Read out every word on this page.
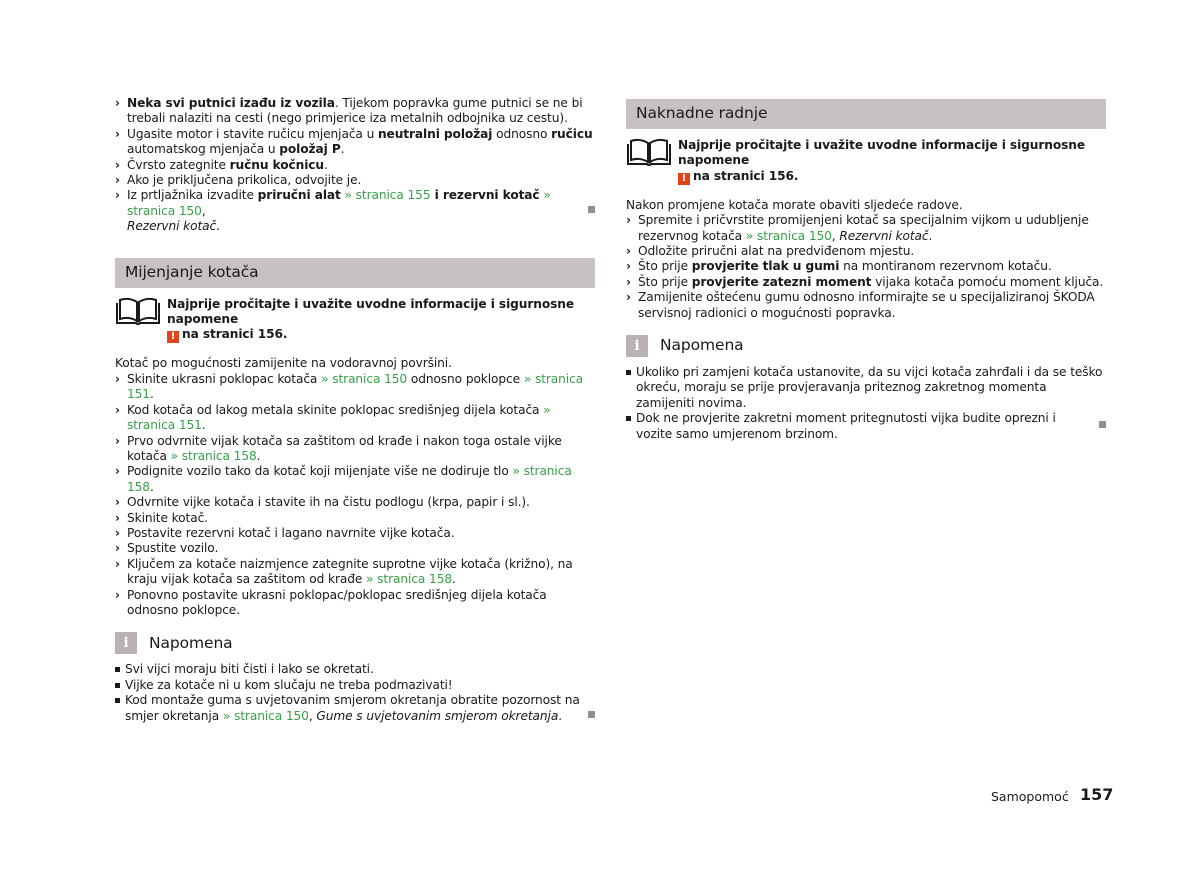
› Neka svi putnici izađu iz vozila. Tijekom popravka gume putnici se ne bi trebali nalaziti na cesti (nego primjerice iza metalnih odbojnika uz cestu).
› Ugasite motor i stavite ručicu mjenjača u neutralni položaj odnosno ručicu automatskog mjenjača u položaj P.
› Čvrsto zategnite ručnu kočnicu.
› Ako je priključena prikolica, odvojite je.
› Iz prtljažnika izvadite priručni alat » stranica 155 i rezervni kotač » stranica 150,
Rezervni kotač.
Mijenjanje kotača
Najprije pročitajte i uvažite uvodne informacije i sigurnosne napomene
! na stranici 156.

Kotač po mogućnosti zamijenite na vodoravnoj površini.

› Skinite ukrasni poklopac kotača » stranica 150 odnosno poklopce » stranica 151.
› Kod kotača od lakog metala skinite poklopac središnjeg dijela kotača » stranica 151.
› Prvo odvrnite vijak kotača sa zaštitom od krađe i nakon toga ostale vijke kotača » stranica 158.
› Podignite vozilo tako da kotač koji mijenjate više ne dodiruje tlo » stranica 158.
› Odvrnite vijke kotača i stavite ih na čistu podlogu (krpa, papir i sl.).
› Skinite kotač.
› Postavite rezervni kotač i lagano navrnite vijke kotača.
› Spustite vozilo.
› Ključem za kotače naizmjence zategnite suprotne vijke kotača (križno), na kraju vijak kotača sa zaštitom od krađe » stranica 158.
› Ponovno postavite ukrasni poklopac/poklopac središnjeg dijela kotača odnosno poklopce.
i	Napomena
Svi vijci moraju biti čisti i lako se okretati.
Vijke za kotače ni u kom slučaju ne treba podmazivati!
Kod montaže guma s uvjetovanim smjerom okretanja obratite pozornost na smjer okretanja » stranica 150, Gume s uvjetovanim smjerom okretanja.
Naknadne radnje
Najprije pročitajte i uvažite uvodne informacije i sigurnosne napomene
! na stranici 156.

Nakon promjene kotača morate obaviti sljedeće radove.

› Spremite i pričvrstite promijenjeni kotač sa specijalnim vijkom u udubljenje rezervnog kotača » stranica 150, Rezervni kotač.
› Odložite priručni alat na predviđenom mjestu.
› Što prije provjerite tlak u gumi na montiranom rezervnom kotaču.
› Što prije provjerite zatezni moment vijaka kotača pomoću moment ključa.
› Zamijenite oštećenu gumu odnosno informirajte se u specijaliziranoj ŠKODA servisnoj radionici o mogućnosti popravka.
i	Napomena
Ukoliko pri zamjeni kotača ustanovite, da su vijci kotača zahrđali i da se teško okreću, moraju se prije provjeravanja priteznog zakretnog momenta zamijeniti novima.
Dok ne provjerite zakretni moment pritegnutosti vijka budite oprezni i vozite samo umjerenom brzinom.
Samopomoć 157
